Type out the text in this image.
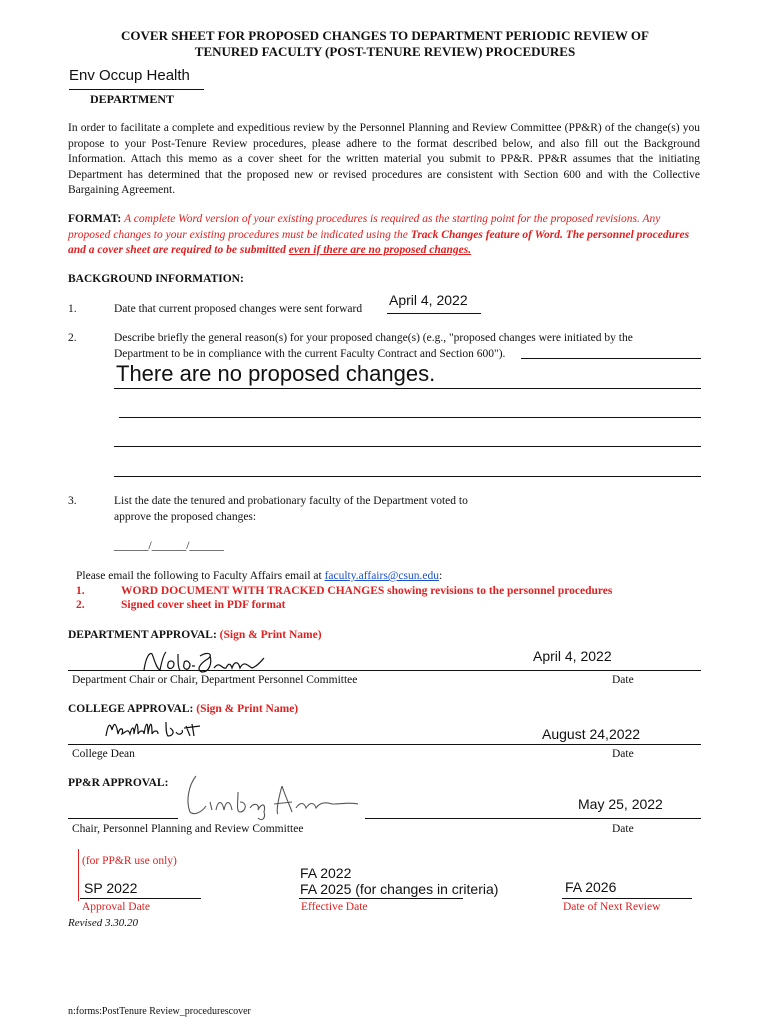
COVER SHEET FOR PROPOSED CHANGES TO DEPARTMENT PERIODIC REVIEW OF
TENURED FACULTY (POST-TENURE REVIEW) PROCEDURES
Env Occup Health
DEPARTMENT
In order to facilitate a complete and expeditious review by the Personnel Planning and Review Committee (PP&R) of the change(s) you propose to your Post-Tenure Review procedures, please adhere to the format described below, and also fill out the Background Information. Attach this memo as a cover sheet for the written material you submit to PP&R. PP&R assumes that the initiating Department has determined that the proposed new or revised procedures are consistent with Section 600 and with the Collective Bargaining Agreement.
FORMAT: A complete Word version of your existing procedures is required as the starting point for the proposed revisions. Any proposed changes to your existing procedures must be indicated using the Track Changes feature of Word. The personnel procedures and a cover sheet are required to be submitted even if there are no proposed changes.
BACKGROUND INFORMATION:
1.	Date that current proposed changes were sent forward
April 4, 2022
2.	Describe briefly the general reason(s) for your proposed change(s) (e.g., "proposed changes were initiated by the
Department to be in compliance with the current Faculty Contract and Section 600").
There are no proposed changes.
3.	List the date the tenured and probationary faculty of the Department voted to
approve the proposed changes:
______/______/______
Please email the following to Faculty Affairs email at faculty.affairs@csun.edu:
1.	WORD DOCUMENT WITH TRACKED CHANGES showing revisions to the personnel procedures
2.	Signed cover sheet in PDF format
DEPARTMENT APPROVAL: (Sign & Print Name)
April 4, 2022
Department Chair or Chair, Department Personnel Committee	Date
COLLEGE APPROVAL: (Sign & Print Name)
August 24,2022
College Dean	Date
PP&R APPROVAL:
May 25, 2022
Chair, Personnel Planning and Review Committee	Date
(for PP&R use only)
SP 2022
Approval Date
FA 2022
FA 2025 (for changes in criteria)
Effective Date
FA 2026
Date of Next Review
Revised 3.30.20
n:forms:PostTenure Review_procedurescover
